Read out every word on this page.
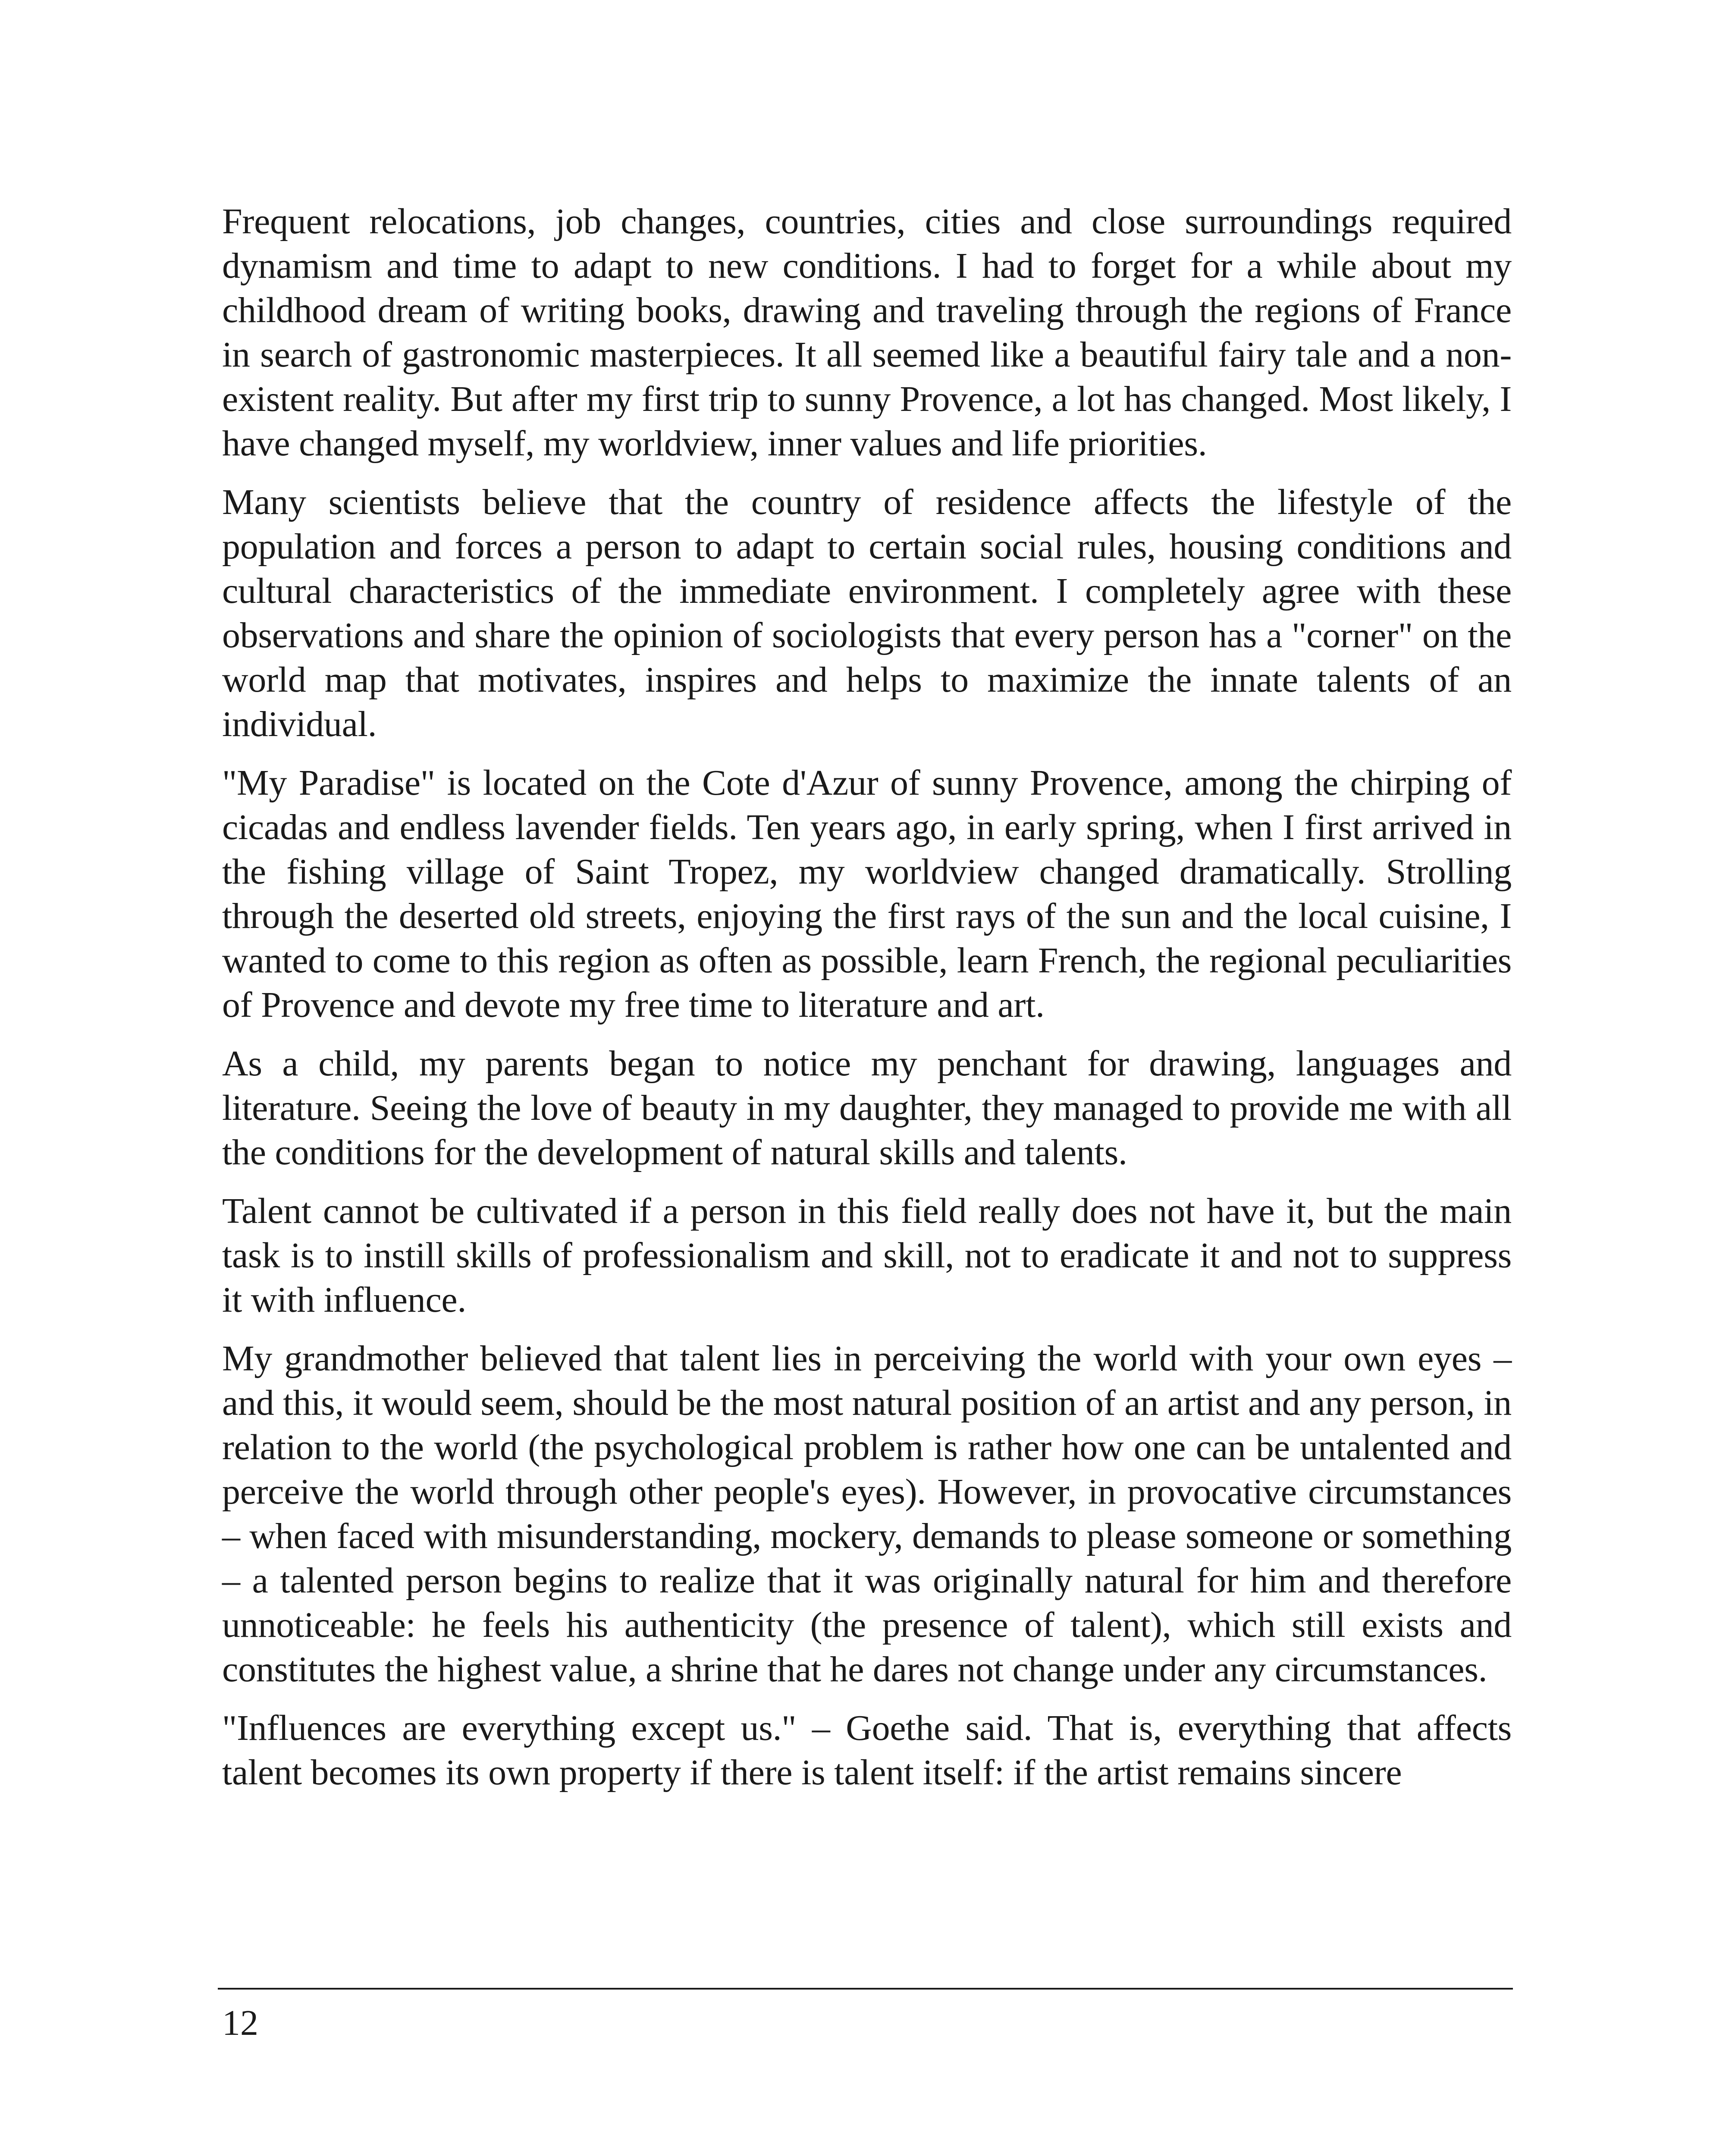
Frequent relocations, job changes, countries, cities and close surroundings required dynamism and time to adapt to new conditions. I had to forget for a while about my childhood dream of writing books, drawing and traveling through the regions of France in search of gastronomic masterpieces. It all seemed like a beautiful fairy tale and a non-existent reality. But after my first trip to sunny Provence, a lot has changed. Most likely, I have changed myself, my worldview, inner values and life priorities.

Many scientists believe that the country of residence affects the lifestyle of the population and forces a person to adapt to certain social rules, housing conditions and cultural characteristics of the immediate environment. I completely agree with these observations and share the opinion of sociologists that every person has a "corner" on the world map that motivates, inspires and helps to maximize the innate talents of an individual.

"My Paradise" is located on the Cote d'Azur of sunny Provence, among the chirping of cicadas and endless lavender fields. Ten years ago, in early spring, when I first arrived in the fishing village of Saint Tropez, my worldview changed dramatically. Strolling through the deserted old streets, enjoying the first rays of the sun and the local cuisine, I wanted to come to this region as often as possible, learn French, the regional peculiarities of Provence and devote my free time to literature and art.

As a child, my parents began to notice my penchant for drawing, languages and literature. Seeing the love of beauty in my daughter, they managed to provide me with all the conditions for the development of natural skills and talents.

Talent cannot be cultivated if a person in this field really does not have it, but the main task is to instill skills of professionalism and skill, not to eradicate it and not to suppress it with influence.

My grandmother believed that talent lies in perceiving the world with your own eyes – and this, it would seem, should be the most natural position of an artist and any person, in relation to the world (the psychological problem is rather how one can be untalented and perceive the world through other people's eyes). However, in provocative circumstances – when faced with misunderstanding, mockery, demands to please someone or something – a talented person begins to realize that it was originally natural for him and therefore unnoticeable: he feels his authenticity (the presence of talent), which still exists and constitutes the highest value, a shrine that he dares not change under any circumstances.

"Influences are everything except us." – Goethe said. That is, everything that affects talent becomes its own property if there is talent itself: if the artist remains sincere

12
